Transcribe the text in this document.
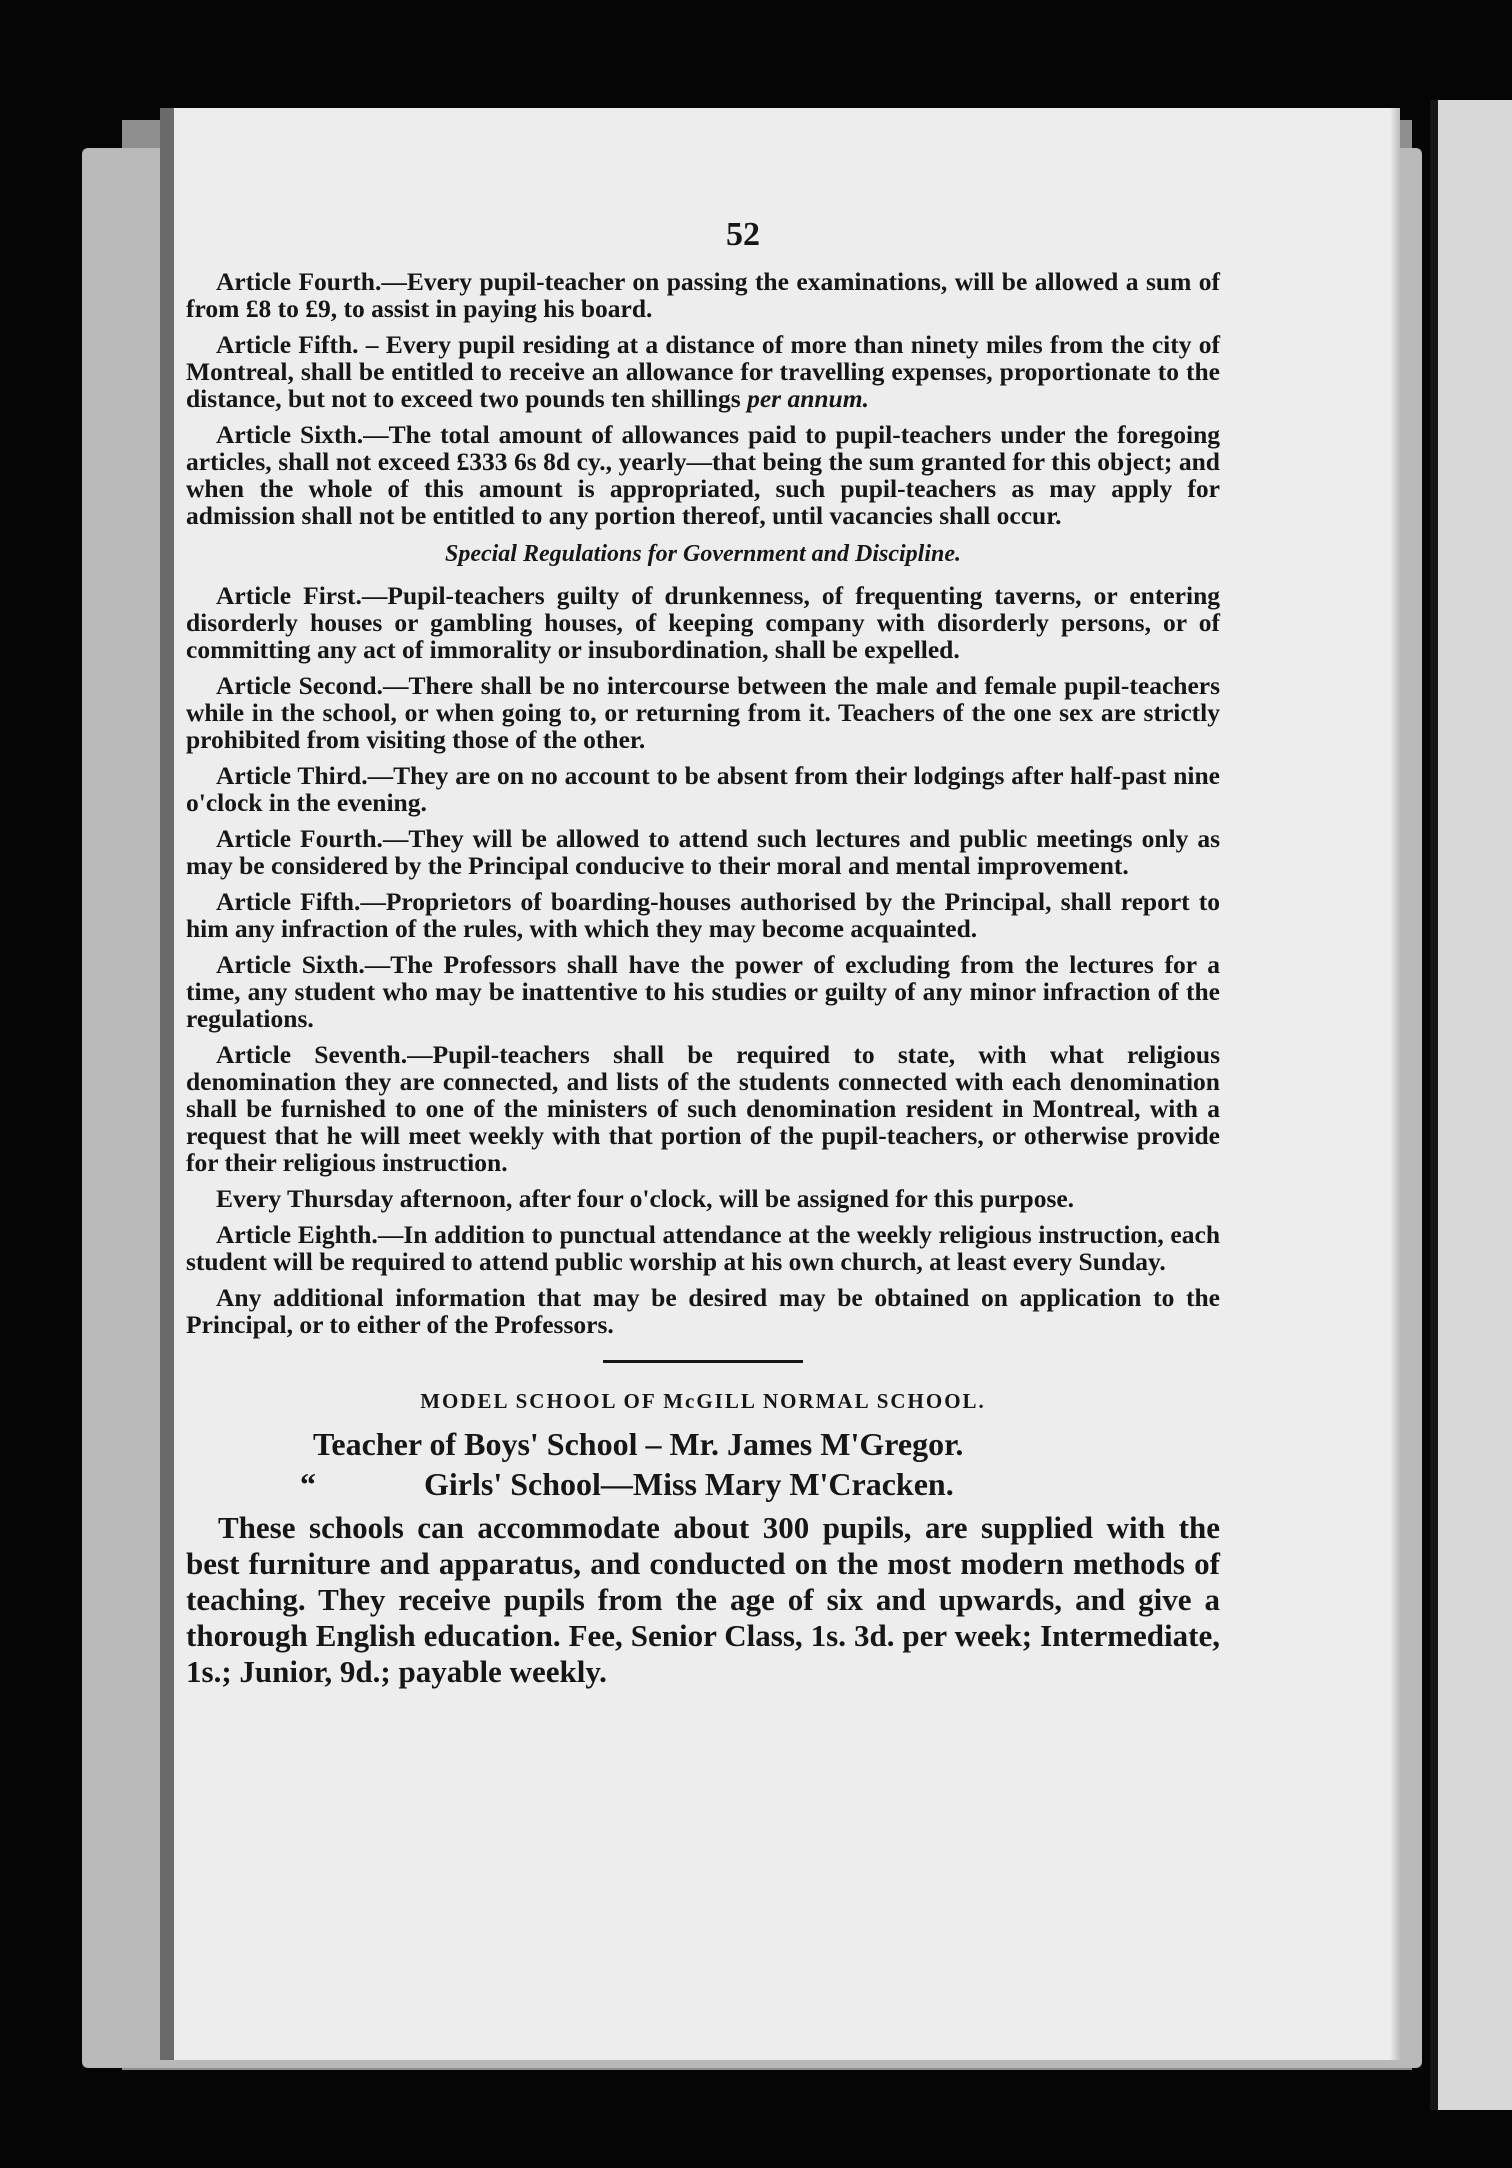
52

Article Fourth.—Every pupil-teacher on passing the examinations, will be allowed a sum of from £8 to £9, to assist in paying his board.

Article Fifth. – Every pupil residing at a distance of more than ninety miles from the city of Montreal, shall be entitled to receive an allowance for travelling expenses, proportionate to the distance, but not to exceed two pounds ten shillings per annum.

Article Sixth.—The total amount of allowances paid to pupil-teachers under the foregoing articles, shall not exceed £333 6s 8d cy., yearly—that being the sum granted for this object; and when the whole of this amount is appropriated, such pupil-teachers as may apply for admission shall not be entitled to any portion thereof, until vacancies shall occur.

Special Regulations for Government and Discipline.

Article First.—Pupil-teachers guilty of drunkenness, of frequenting taverns, or entering disorderly houses or gambling houses, of keeping company with disorderly persons, or of committing any act of immorality or insubordination, shall be expelled.

Article Second.—There shall be no intercourse between the male and female pupil-teachers while in the school, or when going to, or returning from it. Teachers of the one sex are strictly prohibited from visiting those of the other.

Article Third.—They are on no account to be absent from their lodgings after half-past nine o'clock in the evening.

Article Fourth.—They will be allowed to attend such lectures and public meetings only as may be considered by the Principal conducive to their moral and mental improvement.

Article Fifth.—Proprietors of boarding-houses authorised by the Principal, shall report to him any infraction of the rules, with which they may become acquainted.

Article Sixth.—The Professors shall have the power of excluding from the lectures for a time, any student who may be inattentive to his studies or guilty of any minor infraction of the regulations.

Article Seventh.—Pupil-teachers shall be required to state, with what religious denomination they are connected, and lists of the students connected with each denomination shall be furnished to one of the ministers of such denomination resident in Montreal, with a request that he will meet weekly with that portion of the pupil-teachers, or otherwise provide for their religious instruction.

Every Thursday afternoon, after four o'clock, will be assigned for this purpose.

Article Eighth.—In addition to punctual attendance at the weekly religious instruction, each student will be required to attend public worship at his own church, at least every Sunday.

Any additional information that may be desired may be obtained on application to the Principal, or to either of the Professors.

MODEL SCHOOL OF McGILL NORMAL SCHOOL.
Teacher of Boys' School – Mr. James M'Gregor.
“	Girls' School—Miss Mary M'Cracken.

These schools can accommodate about 300 pupils, are supplied with the best furniture and apparatus, and conducted on the most modern methods of teaching. They receive pupils from the age of six and upwards, and give a thorough English education. Fee, Senior Class, 1s. 3d. per week; Intermediate, 1s.; Junior, 9d.; payable weekly.
